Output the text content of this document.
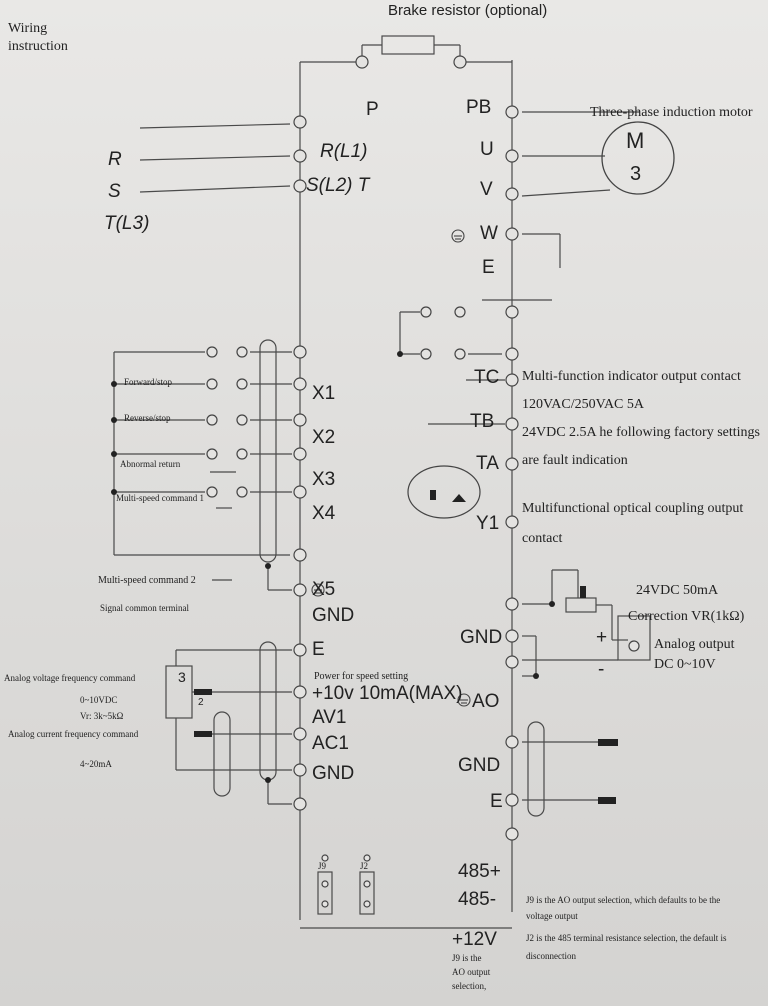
Wiring
instruction
Brake resistor (optional)
R
S
T(L3)
P
R(L1)
S(L2) T
Three-phase induction motor
M
3
PB
U
V
W
E
Forward/stop
Reverse/stop
Abnormal return
Multi-speed command 1
X1
X2
X3
X4
X5
GND
Multi-speed command 2
Signal common terminal
TC
TB
TA
Multi-function indicator output contact
120VAC/250VAC 5A
24VDC 2.5A he following factory settings
are fault indication
Y1
Multifunctional optical coupling output
contact
24VDC 50mA
Correction VR(1kΩ)
Analog output
DC 0~10V
+
-
GND
AO
GND
E
Analog voltage frequency command
0~10VDC
Vr: 3k~5kΩ
Analog current frequency command
4~20mA
3
2
Power for speed setting
E
+10v 10mA(MAX)
AV1
AC1
GND
J9	J2	485+
485-
+12V
J9 is the
AO output
selection,
J9 is the AO output selection, which defaults to be the
voltage output
J2 is the 485 terminal resistance selection, the default is
disconnection
